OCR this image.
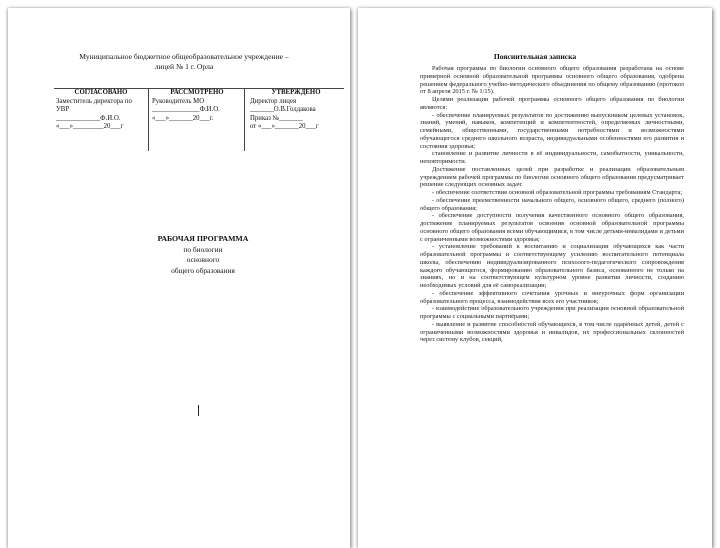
Муниципальное бюджетное общеобразовательное учреждение –
лицей № 1 г. Орла
СОГЛАСОВАНО
Заместитель директора по
УВР
_____________Ф.И.О.
«___»_________20___г
РАССМОТРЕНО
Руководитель МО
______________Ф.И.О.
«___»_______20___г.
УТВЕРЖДЕНО
Директор лицея
_______О.В.Голдакова
Приказ №_______
от «___»_______20___г
РАБОЧАЯ ПРОГРАММА
по биологии
основного
общего образования
Пояснительная записка
Рабочая программа по биологии основного общего образования разработана на основе примерной основной образовательной программы основного общего образования, одобрена решением федерального учебно-методического объединения по общему образованию (протокол от 8 апреля 2015 г. № 1/15).
Целями реализации рабочей программы основного общего образования по биологии являются:
- обеспечение планируемых результатов по достижению выпускником целевых установок, знаний, умений, навыков, компетенций и компетентностей, определяемых личностными, семейными, общественными, государственными потребностями и возможностями обучающегося среднего школьного возраста, индивидуальными особенностями его развития и состояния здоровья;
становление и развитие личности в её индивидуальности, самобытности, уникальности, неповторимости.
Достижение поставленных целей при разработке и реализации образовательным учреждением рабочей программы по биологии основного общего образования предусматривает решение следующих основных задач:
- обеспечение соответствия основной образовательной программы требованиям Стандарта;
- обеспечение преемственности начального общего, основного общего, среднего (полного) общего образования;
- обеспечение доступности получения качественного основного общего образования, достижение планируемых результатов освоения основной образовательной программы основного общего образования всеми обучающимися, в том числе детьми-инвалидами и детьми с ограниченными возможностями здоровья;
- установление требований к воспитанию и социализации обучающихся как части образовательной программы и соответствующему усилению воспитательного потенциала школы, обеспечению индивидуализированного психолого-педагогического сопровождения каждого обучающегося, формированию образовательного базиса, основанного не только на знаниях, но и на соответствующем культурном уровне развития личности, созданию необходимых условий для её самореализации;
- обеспечение эффективного сочетания урочных и внеурочных форм организации образовательного процесса, взаимодействия всех его участников;
- взаимодействие образовательного учреждения при реализации основной образовательной программы с социальными партнёрами;
- выявление и развитие способностей обучающихся, в том числе одарённых детей, детей с ограниченными возможностями здоровья и инвалидов, их профессиональных склонностей через систему клубов, секций,
